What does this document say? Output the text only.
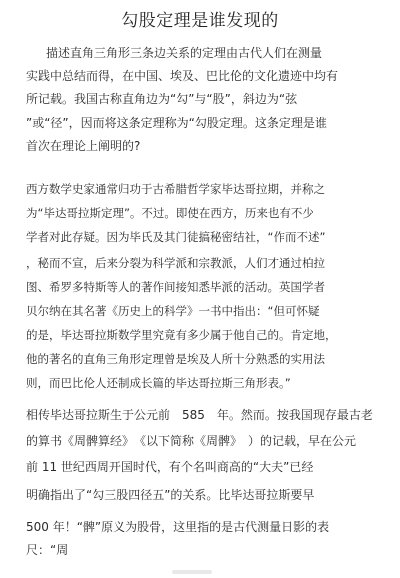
勾股定理是谁发现的
描述直角三角形三条边关系的定理由古代人们在测量
实践中总结而得，在中国、埃及、巴比伦的文化遗迹中均有
所记载。我国古称直角边为“勾”与“股”，斜边为“弦
”或“径”，因而将这条定理称为“勾股定理。这条定理是谁
首次在理论上阐明的?
西方数学史家通常归功于古希腊哲学家毕达哥拉期，并称之
为“毕达哥拉斯定理”。不过。即使在西方，历来也有不少
学者对此存疑。因为毕氏及其门徒搞秘密结社，“作而不述”
，秘而不宣，后来分裂为科学派和宗教派，人们才通过柏拉
图、希罗多特斯等人的著作间接知悉毕派的活动。英国学者
贝尔纳在其名著《历史上的科学》一书中指出：“但可怀疑
的是，毕达哥拉斯数学里究竟有多少属于他自己的。肯定地，
他的著名的直角三角形定理曾是埃及人所十分熟悉的实用法
则，而巴比伦人还制成长篇的毕达哥拉斯三角形表。”
相传毕达哥拉斯生于公元前　585　年。然而。按我国现存最古老
的算书《周髀算经》　《以下简称《周髀》　）的记载，早在公元
前 11 世纪西周开国时代，有个名叫商高的“大夫”已经
明确指出了“勾三股四径五”的关系。比毕达哥拉斯要早
500 年！“髀”原义为股骨，这里指的是古代测量日影的表
尺：“周
